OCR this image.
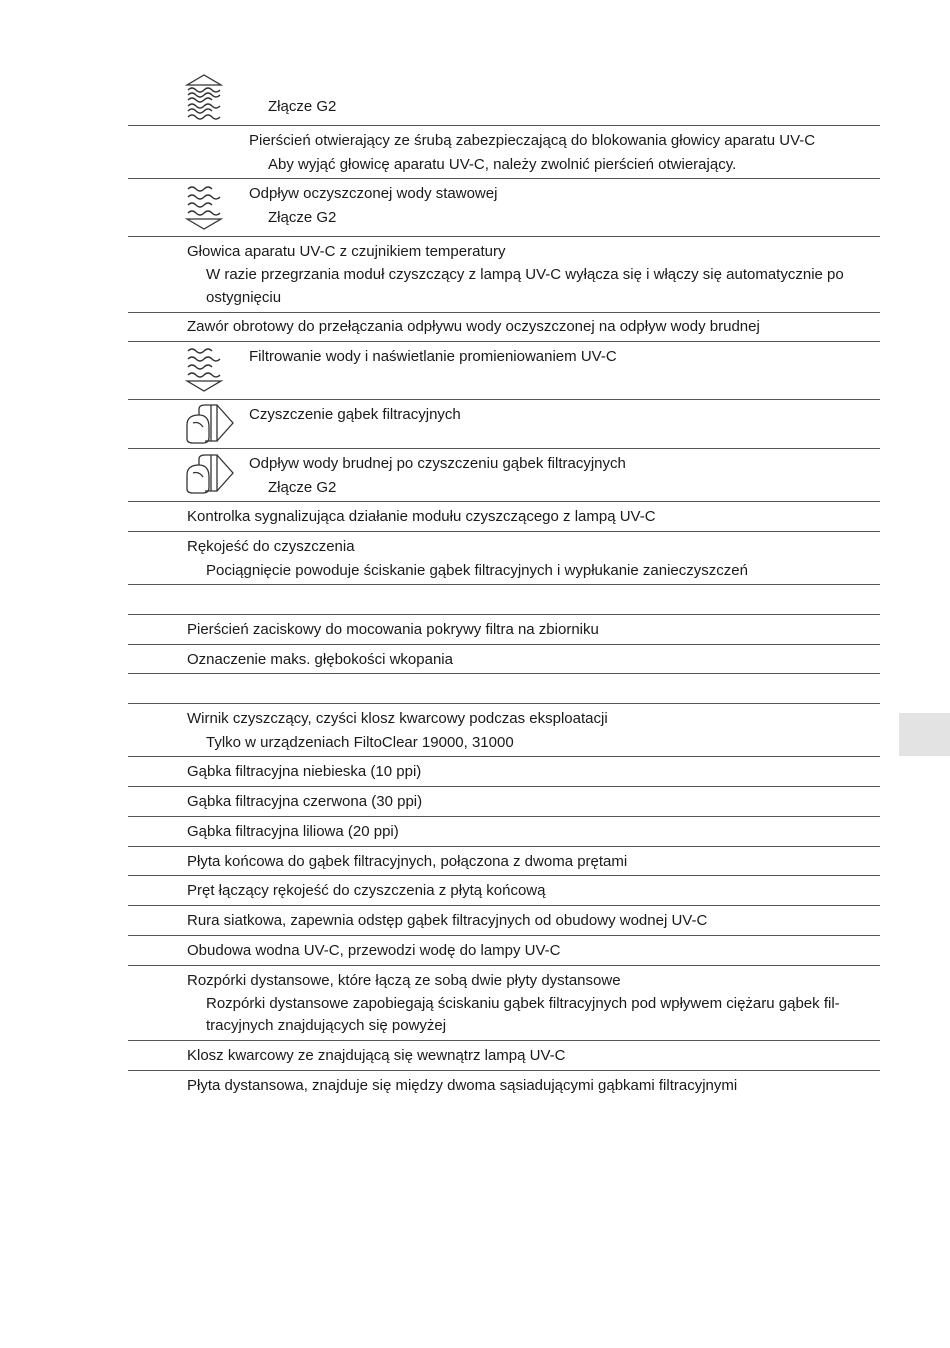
Złącze G2
Pierścień otwierający ze śrubą zabezpieczającą do blokowania głowicy aparatu UV-C
Aby wyjąć głowicę aparatu UV-C, należy zwolnić pierścień otwierający.
Odpływ oczyszczonej wody stawowej
Złącze G2
Głowica aparatu UV-C z czujnikiem temperatury
W razie przegrzania moduł czyszczący z lampą UV-C wyłącza się i włączy się automatycznie po
ostygnięciu
Zawór obrotowy do przełączania odpływu wody oczyszczonej na odpływ wody brudnej
Filtrowanie wody i naświetlanie promieniowaniem UV-C
Czyszczenie gąbek filtracyjnych
Odpływ wody brudnej po czyszczeniu gąbek filtracyjnych
Złącze G2
Kontrolka sygnalizująca działanie modułu czyszczącego z lampą UV-C
Rękojeść do czyszczenia
Pociągnięcie powoduje ściskanie gąbek filtracyjnych i wypłukanie zanieczyszczeń
Pierścień zaciskowy do mocowania pokrywy filtra na zbiorniku
Oznaczenie maks. głębokości wkopania
Wirnik czyszczący, czyści klosz kwarcowy podczas eksploatacji
Tylko w urządzeniach FiltoClear 19000, 31000
Gąbka filtracyjna niebieska (10 ppi)
Gąbka filtracyjna czerwona (30 ppi)
Gąbka filtracyjna liliowa (20 ppi)
Płyta końcowa do gąbek filtracyjnych, połączona z dwoma prętami
Pręt łączący rękojeść do czyszczenia z płytą końcową
Rura siatkowa, zapewnia odstęp gąbek filtracyjnych od obudowy wodnej UV-C
Obudowa wodna UV-C, przewodzi wodę do lampy UV-C
Rozpórki dystansowe, które łączą ze sobą dwie płyty dystansowe
Rozpórki dystansowe zapobiegają ściskaniu gąbek filtracyjnych pod wpływem ciężaru gąbek fil-
tracyjnych znajdujących się powyżej
Klosz kwarcowy ze znajdującą się wewnątrz lampą UV-C
Płyta dystansowa, znajduje się między dwoma sąsiadującymi gąbkami filtracyjnymi
